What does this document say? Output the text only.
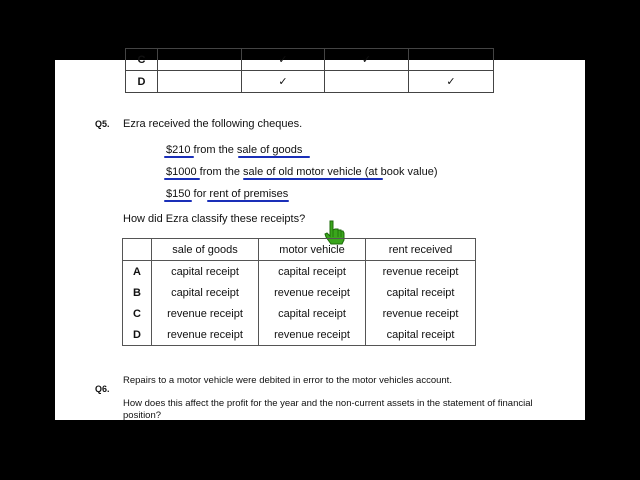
C		✓	✓	
D		✓		✓
Q5. Ezra received the following cheques.
$210 from the sale of goods
$1000 from the sale of old motor vehicle (at book value)
$150 for rent of premises
How did Ezra classify these receipts?
	sale of goods	motor vehicle	rent received
A	capital receipt	capital receipt	revenue receipt
B	capital receipt	revenue receipt	capital receipt
C	revenue receipt	capital receipt	revenue receipt
D	revenue receipt	revenue receipt	capital receipt
Q6.
Repairs to a motor vehicle were debited in error to the motor vehicles account.
How does this affect the profit for the year and the non-current assets in the statement of financial
position?
